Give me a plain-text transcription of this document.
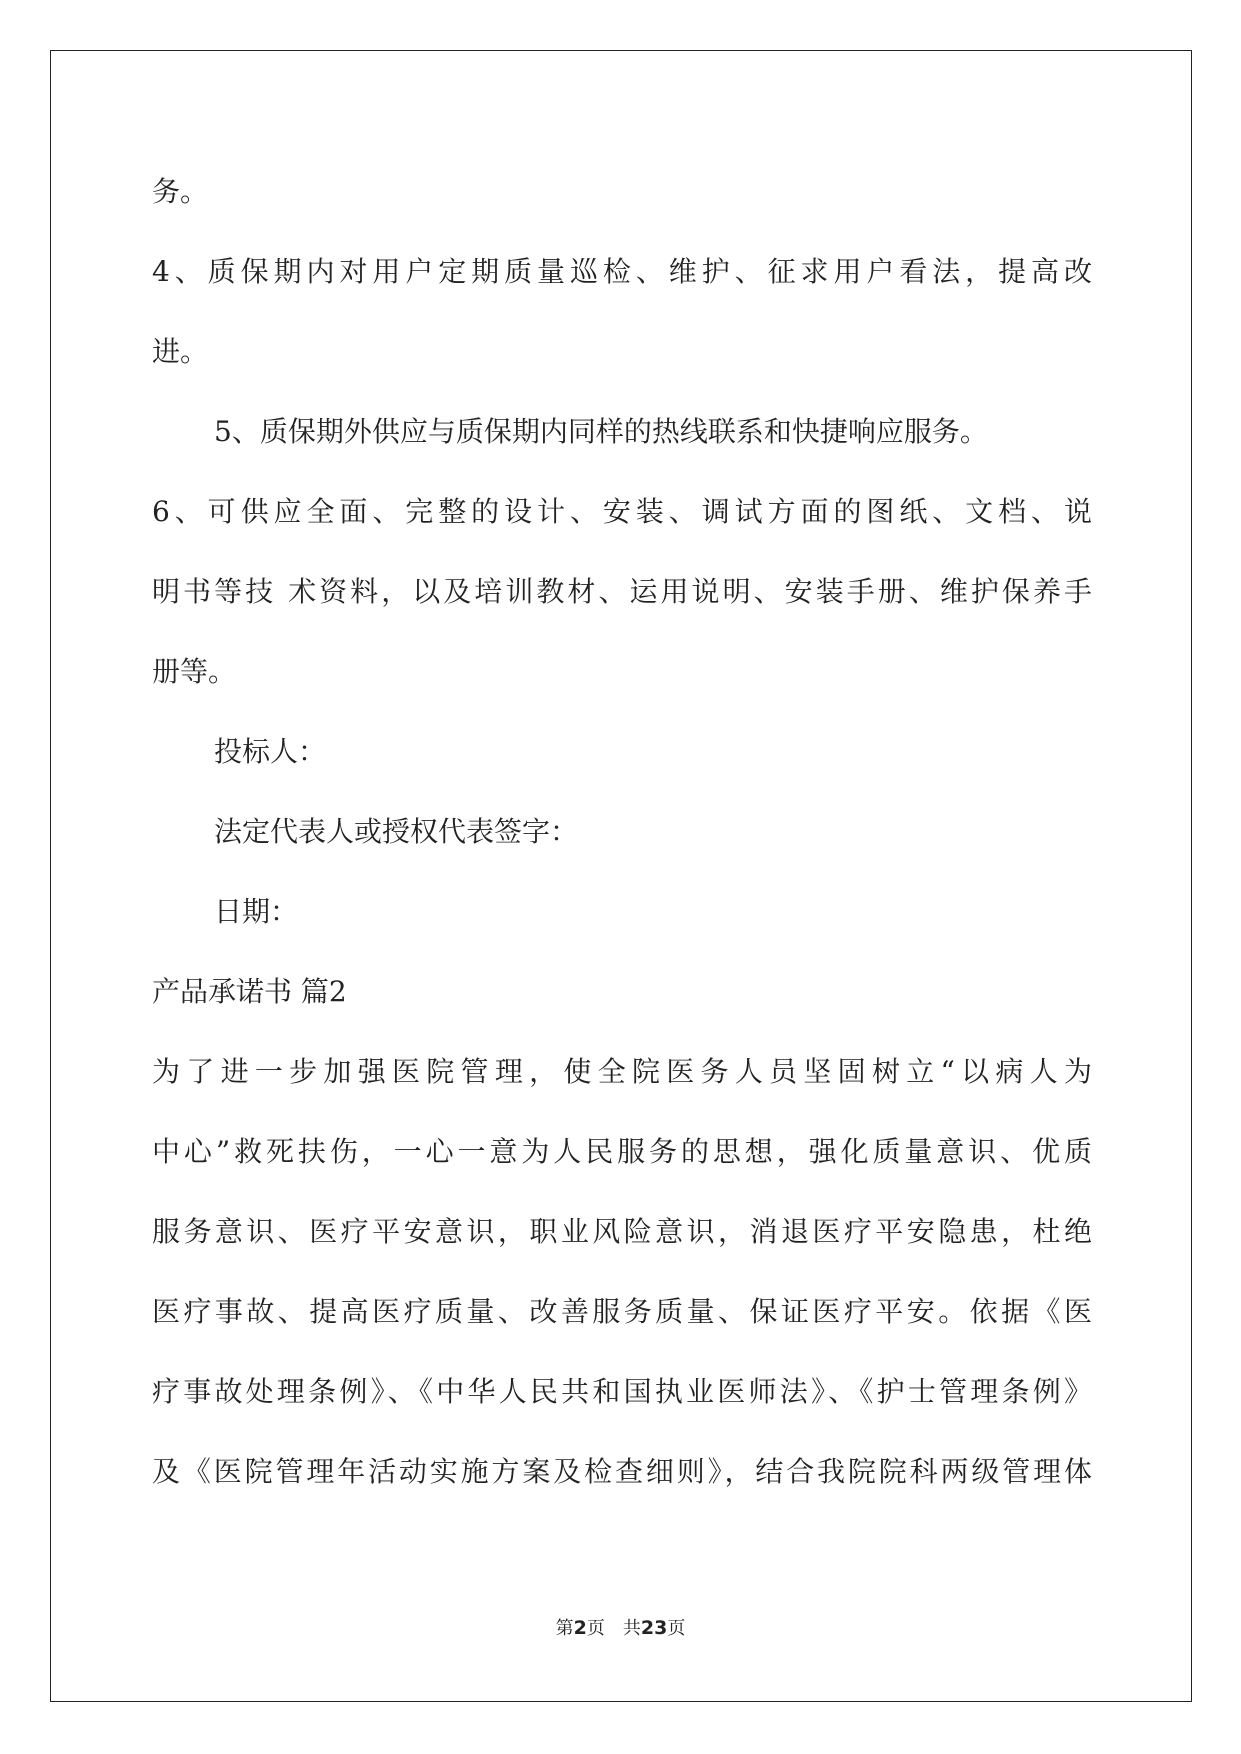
务。

4、质保期内对用户定期质量巡检、维护、征求用户看法，提高改

进。

5、质保期外供应与质保期内同样的热线联系和快捷响应服务。

6、可供应全面、完整的设计、安装、调试方面的图纸、文档、说

明书等技 术资料，以及培训教材、运用说明、安装手册、维护保养手

册等。

投标人：

法定代表人或授权代表签字：

日期：

产品承诺书 篇2

为了进一步加强医院管理，使全院医务人员坚固树立“以病人为

中心”救死扶伤，一心一意为人民服务的思想，强化质量意识、优质

服务意识、医疗平安意识，职业风险意识，消退医疗平安隐患，杜绝

医疗事故、提高医疗质量、改善服务质量、保证医疗平安。依据《医

疗事故处理条例》、《中华人民共和国执业医师法》、《护士管理条例》

及《医院管理年活动实施方案及检查细则》，结合我院院科两级管理体

第2页　共23页
